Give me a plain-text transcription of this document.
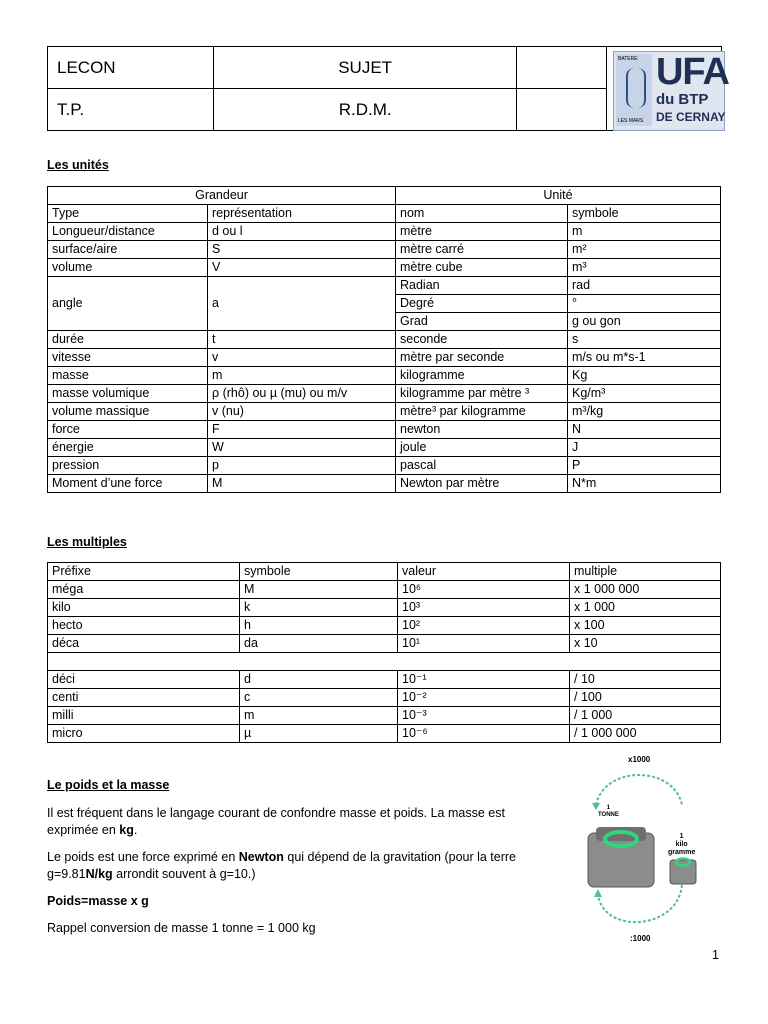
LECON	SUJET		BATERE
LES MARS
UFA
du BTP
DE CERNAY

T.P.	R.D.M.		
Les unités
Grandeur		Unité	
Type	représentation	nom	symbole
Longueur/distance	d ou l	mètre	m
surface/aire	S	mètre carré	m²
volume	V	mètre cube	m³
angle	a	Radian	rad
		Degré	°
		Grad	g ou gon
durée	t	seconde	s
vitesse	v	mètre par seconde	m/s ou m*s-1
masse	m	kilogramme	Kg
masse volumique	ρ (rhô) ou µ (mu) ou m/v	kilogramme par mètre ³	Kg/m³
volume massique	v (nu)	mètre³ par kilogramme	m³/kg
force	F	newton	N
énergie	W	joule	J
pression	p	pascal	P
Moment d’une force	M	Newton par mètre	N*m
Les multiples
Préfixe	symbole	valeur	multiple
méga	M	10⁶	x 1 000 000
kilo	k	10³	x 1 000
hecto	h	10²	x 100
déca	da	10¹	x 10

déci	d	10⁻¹	/ 10
centi	c	10⁻²	/ 100
milli	m	10⁻³	/ 1 000
micro	µ	10⁻⁶	/ 1 000 000
Le poids et la masse

Il est fréquent dans le langage courant de confondre masse et poids. La masse est exprimée en kg.

Le poids est une force exprimé en Newton qui dépend de la gravitation (pour la terre g=9.81N/kg arrondit souvent à g=10.)

Poids=masse x g

Rappel conversion de masse 1 tonne = 1 000 kg

x1000
:1000
1
TONNE
1
kilo
gramme
1
